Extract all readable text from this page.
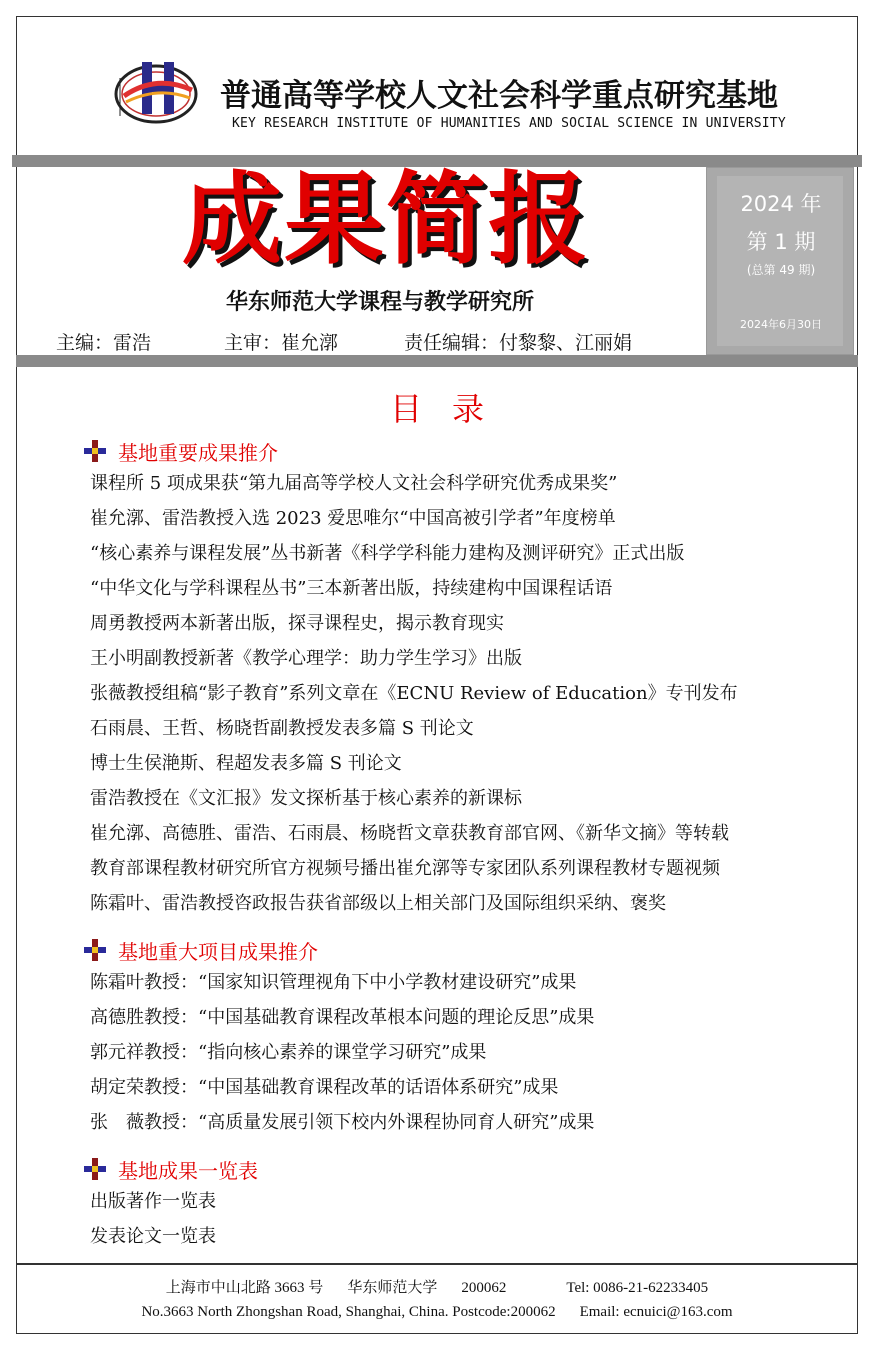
普通高等学校人文社会科学重点研究基地
KEY RESEARCH INSTITUTE OF HUMANITIES AND SOCIAL SCIENCE IN UNIVERSITY
成果简报
华东师范大学课程与教学研究所
主编：雷浩	主审：崔允漷	责任编辑：付黎黎、江丽娟
2024 年
第 1 期
(总第 49 期)
2024年6月30日
目录
基地重要成果推介
课程所 5 项成果获“第九届高等学校人文社会科学研究优秀成果奖”
崔允漷、雷浩教授入选 2023 爱思唯尔“中国高被引学者”年度榜单
“核心素养与课程发展”丛书新著《科学学科能力建构及测评研究》正式出版
“中华文化与学科课程丛书”三本新著出版，持续建构中国课程话语
周勇教授两本新著出版，探寻课程史，揭示教育现实
王小明副教授新著《教学心理学：助力学生学习》出版
张薇教授组稿“影子教育”系列文章在《ECNU Review of Education》专刊发布
石雨晨、王哲、杨晓哲副教授发表多篇 S 刊论文
博士生侯滟斯、程超发表多篇 S 刊论文
雷浩教授在《文汇报》发文探析基于核心素养的新课标
崔允漷、高德胜、雷浩、石雨晨、杨晓哲文章获教育部官网、《新华文摘》等转载
教育部课程教材研究所官方视频号播出崔允漷等专家团队系列课程教材专题视频
陈霜叶、雷浩教授咨政报告获省部级以上相关部门及国际组织采纳、褒奖
基地重大项目成果推介
陈霜叶教授：“国家知识管理视角下中小学教材建设研究”成果
高德胜教授：“中国基础教育课程改革根本问题的理论反思”成果
郭元祥教授：“指向核心素养的课堂学习研究”成果
胡定荣教授：“中国基础教育课程改革的话语体系研究”成果
张　薇教授：“高质量发展引领下校内外课程协同育人研究”成果
基地成果一览表
出版著作一览表
发表论文一览表
上海市中山北路 3663 号 华东师范大学 200062	Tel: 0086-21-62233405
No.3663 North Zhongshan Road, Shanghai, China. Postcode:200062 Email: ecnuici@163.com
